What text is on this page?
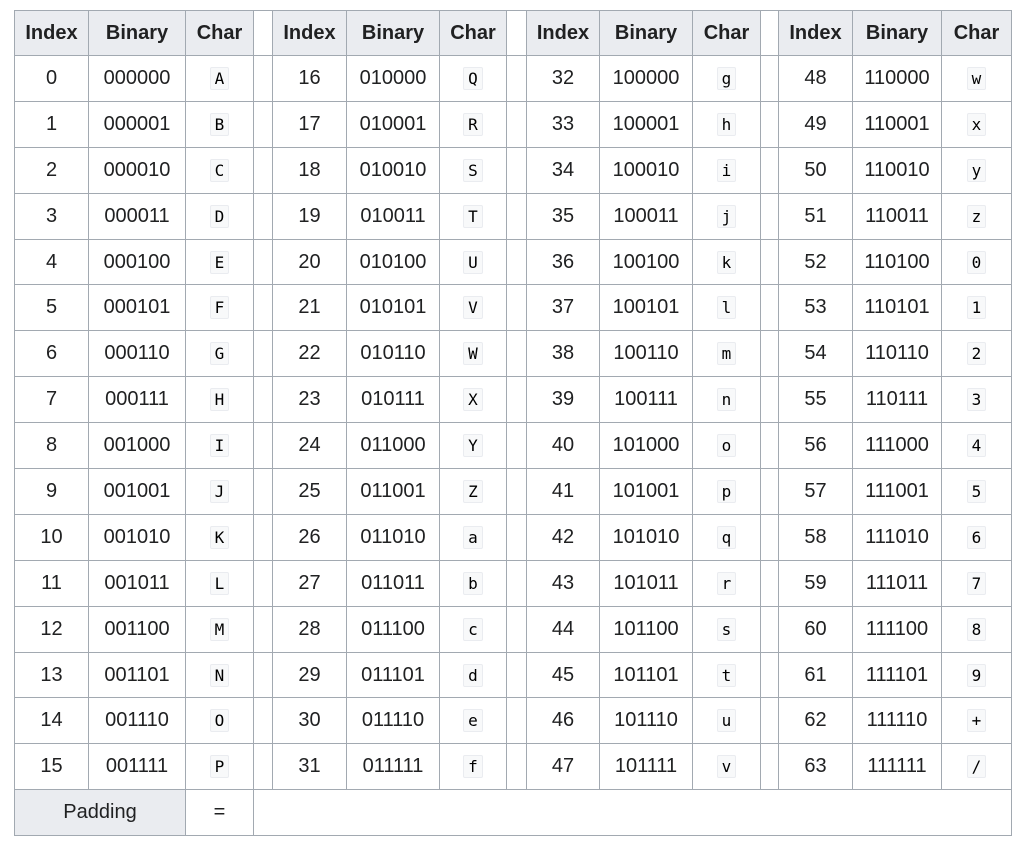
Index	Binary	Char		Index	Binary	Char		Index	Binary	Char		Index	Binary	Char
0	000000	A		16	010000	Q		32	100000	g		48	110000	w
1	000001	B		17	010001	R		33	100001	h		49	110001	x
2	000010	C		18	010010	S		34	100010	i		50	110010	y
3	000011	D		19	010011	T		35	100011	j		51	110011	z
4	000100	E		20	010100	U		36	100100	k		52	110100	0
5	000101	F		21	010101	V		37	100101	l		53	110101	1
6	000110	G		22	010110	W		38	100110	m		54	110110	2
7	000111	H		23	010111	X		39	100111	n		55	110111	3
8	001000	I		24	011000	Y		40	101000	o		56	111000	4
9	001001	J		25	011001	Z		41	101001	p		57	111001	5
10	001010	K		26	011010	a		42	101010	q		58	111010	6
11	001011	L		27	011011	b		43	101011	r		59	111011	7
12	001100	M		28	011100	c		44	101100	s		60	111100	8
13	001101	N		29	011101	d		45	101101	t		61	111101	9
14	001110	O		30	011110	e		46	101110	u		62	111110	+
15	001111	P		31	011111	f		47	101111	v		63	111111	/
Padding		=												
